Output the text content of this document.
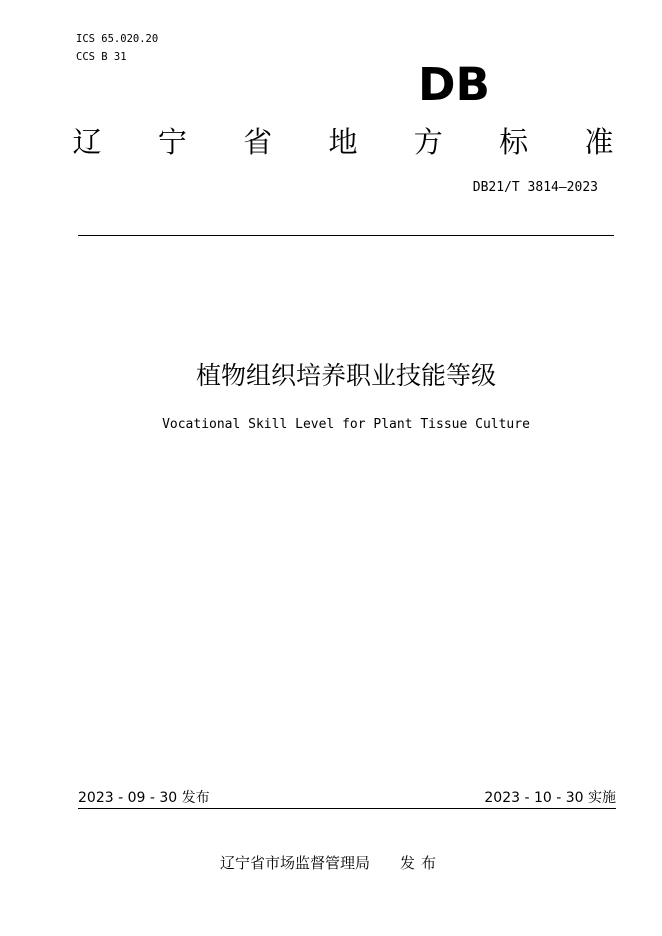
ICS 65.020.20
CCS B 31
DB
辽 宁 省 地 方 标 准
DB21/T 3814—2023
植物组织培养职业技能等级
Vocational Skill Level for Plant Tissue Culture
2023 - 09 - 30 发布	2023 - 10 - 30 实施
辽宁省市场监督管理局 发布
